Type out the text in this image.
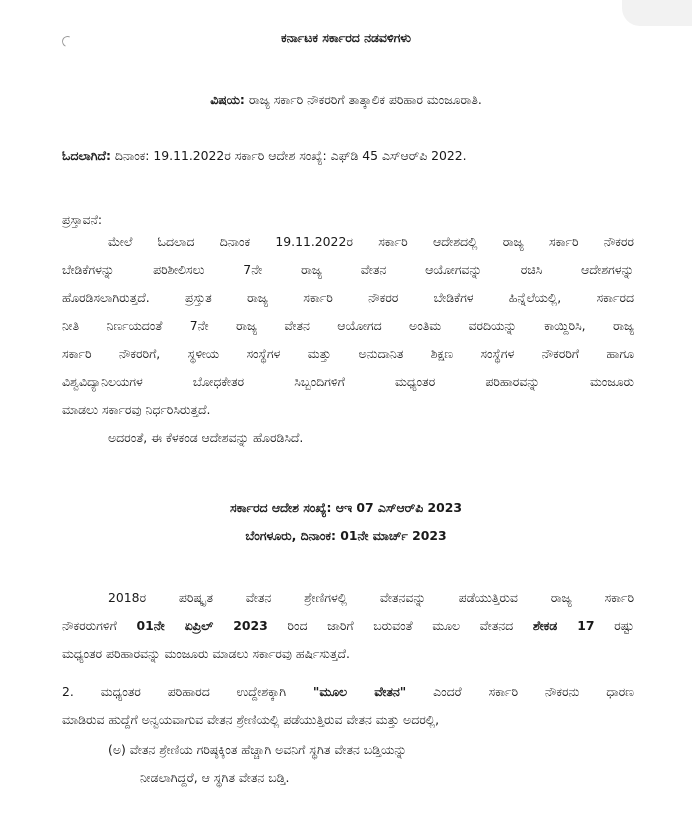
ಕರ್ನಾಟಕ ಸರ್ಕಾರದ ನಡವಳಿಗಳು
ವಿಷಯ: ರಾಜ್ಯ ಸರ್ಕಾರಿ ನೌಕರರಿಗೆ ತಾತ್ಕಾಲಿಕ ಪರಿಹಾರ ಮಂಜೂರಾತಿ.
ಓದಲಾಗಿದೆ: ದಿನಾಂಕ: 19.11.2022ರ ಸರ್ಕಾರಿ ಆದೇಶ ಸಂಖ್ಯೆ: ಎಫ್‌ಡಿ 45 ಎಸ್‌ಆರ್‌ಪಿ 2022.
ಪ್ರಸ್ತಾವನೆ:
ಮೇಲೆ ಓದಲಾದ ದಿನಾಂಕ 19.11.2022ರ ಸರ್ಕಾರಿ ಆದೇಶದಲ್ಲಿ ರಾಜ್ಯ ಸರ್ಕಾರಿ ನೌಕರರ
ಬೇಡಿಕೆಗಳನ್ನು ಪರಿಶೀಲಿಸಲು 7ನೇ ರಾಜ್ಯ ವೇತನ ಆಯೋಗವನ್ನು ರಚಿಸಿ ಆದೇಶಗಳನ್ನು
ಹೊರಡಿಸಲಾಗಿರುತ್ತದೆ. ಪ್ರಸ್ತುತ ರಾಜ್ಯ ಸರ್ಕಾರಿ ನೌಕರರ ಬೇಡಿಕೆಗಳ ಹಿನ್ನೆಲೆಯಲ್ಲಿ, ಸರ್ಕಾರದ
ನೀತಿ ನಿರ್ಣಯದಂತೆ 7ನೇ ರಾಜ್ಯ ವೇತನ ಆಯೋಗದ ಅಂತಿಮ ವರದಿಯನ್ನು ಕಾಯ್ದಿರಿಸಿ, ರಾಜ್ಯ
ಸರ್ಕಾರಿ ನೌಕರರಿಗೆ, ಸ್ಥಳೀಯ ಸಂಸ್ಥೆಗಳ ಮತ್ತು ಅನುದಾನಿತ ಶಿಕ್ಷಣ ಸಂಸ್ಥೆಗಳ ನೌಕರರಿಗೆ ಹಾಗೂ
ವಿಶ್ವವಿದ್ಯಾನಿಲಯಗಳ ಬೋಧಕೇತರ ಸಿಬ್ಬಂದಿಗಳಿಗೆ ಮಧ್ಯಂತರ ಪರಿಹಾರವನ್ನು ಮಂಜೂರು
ಮಾಡಲು ಸರ್ಕಾರವು ನಿರ್ಧರಿಸಿರುತ್ತದೆ.
ಅದರಂತೆ, ಈ ಕೆಳಕಂಡ ಆದೇಶವನ್ನು ಹೊರಡಿಸಿದೆ.
ಸರ್ಕಾರದ ಆದೇಶ ಸಂಖ್ಯೆ: ಆಇ 07 ಎಸ್‌ಆರ್‌ಪಿ 2023
ಬೆಂಗಳೂರು, ದಿನಾಂಕ: 01ನೇ ಮಾರ್ಚ್ 2023
2018ರ ಪರಿಷ್ಕೃತ ವೇತನ ಶ್ರೇಣಿಗಳಲ್ಲಿ ವೇತನವನ್ನು ಪಡೆಯುತ್ತಿರುವ ರಾಜ್ಯ ಸರ್ಕಾರಿ
ನೌಕರರುಗಳಿಗೆ 01ನೇ ಏಪ್ರಿಲ್ 2023 ರಿಂದ ಜಾರಿಗೆ ಬರುವಂತೆ ಮೂಲ ವೇತನದ ಶೇಕಡ 17 ರಷ್ಟು
ಮಧ್ಯಂತರ ಪರಿಹಾರವನ್ನು ಮಂಜೂರು ಮಾಡಲು ಸರ್ಕಾರವು ಹರ್ಷಿಸುತ್ತದೆ.
2. ಮಧ್ಯಂತರ ಪರಿಹಾರದ ಉದ್ದೇಶಕ್ಕಾಗಿ "ಮೂಲ ವೇತನ" ಎಂದರೆ ಸರ್ಕಾರಿ ನೌಕರನು ಧಾರಣ
ಮಾಡಿರುವ ಹುದ್ದೆಗೆ ಅನ್ವಯವಾಗುವ ವೇತನ ಶ್ರೇಣಿಯಲ್ಲಿ ಪಡೆಯುತ್ತಿರುವ ವೇತನ ಮತ್ತು ಅದರಲ್ಲಿ,
(ಅ) ವೇತನ ಶ್ರೇಣಿಯ ಗರಿಷ್ಠಕ್ಕಿಂತ ಹೆಚ್ಚಾಗಿ ಅವನಿಗೆ ಸ್ಥಗಿತ ವೇತನ ಬಡ್ತಿಯನ್ನು
ನೀಡಲಾಗಿದ್ದರೆ, ಆ ಸ್ಥಗಿತ ವೇತನ ಬಡ್ತಿ.
